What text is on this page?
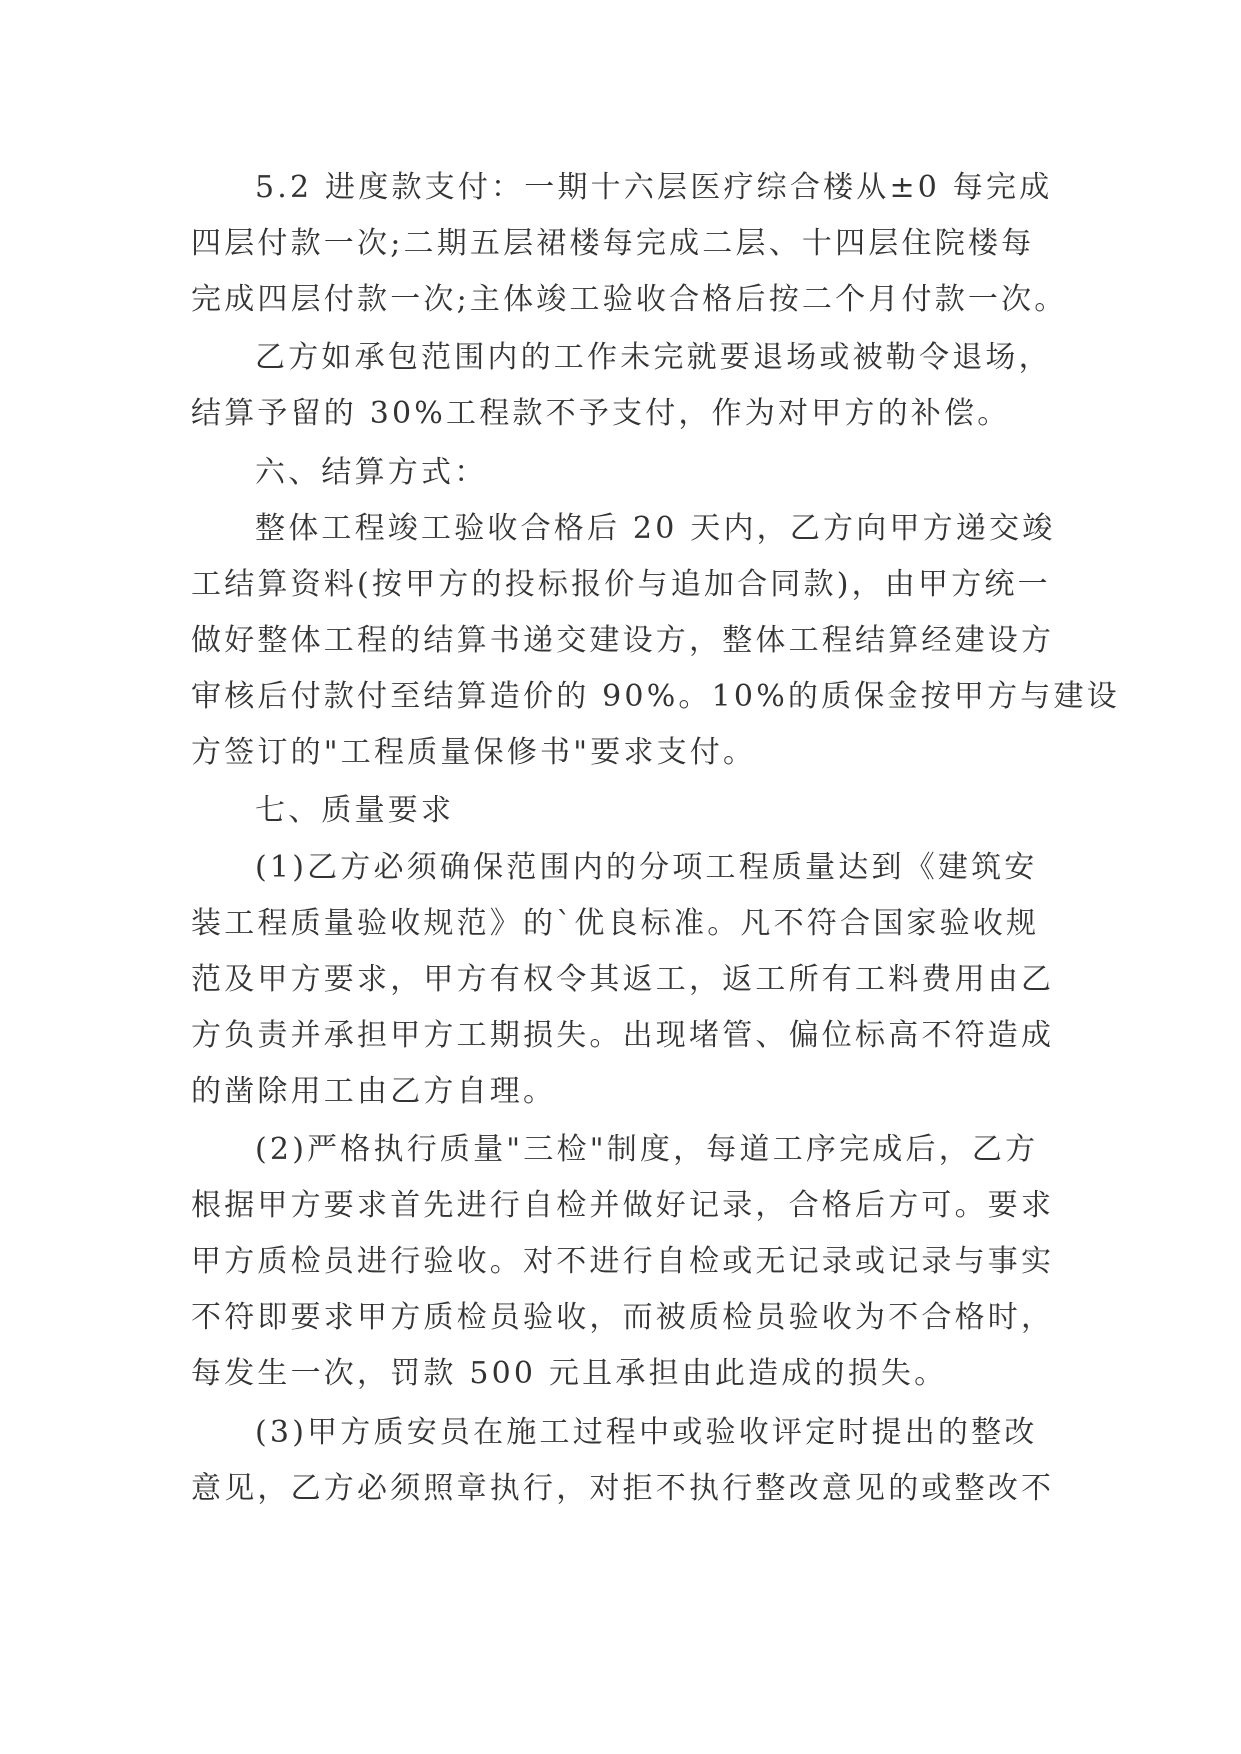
5.2 进度款支付：一期十六层医疗综合楼从±0 每完成
四层付款一次;二期五层裙楼每完成二层、十四层住院楼每
完成四层付款一次;主体竣工验收合格后按二个月付款一次。
乙方如承包范围内的工作未完就要退场或被勒令退场，
结算予留的 30%工程款不予支付，作为对甲方的补偿。
六、结算方式：
整体工程竣工验收合格后 20 天内，乙方向甲方递交竣
工结算资料(按甲方的投标报价与追加合同款)，由甲方统一
做好整体工程的结算书递交建设方，整体工程结算经建设方
审核后付款付至结算造价的 90%。10%的质保金按甲方与建设
方签订的"工程质量保修书"要求支付。
七、质量要求
(1)乙方必须确保范围内的分项工程质量达到《建筑安
装工程质量验收规范》的`优良标准。凡不符合国家验收规
范及甲方要求，甲方有权令其返工，返工所有工料费用由乙
方负责并承担甲方工期损失。出现堵管、偏位标高不符造成
的凿除用工由乙方自理。
(2)严格执行质量"三检"制度，每道工序完成后，乙方
根据甲方要求首先进行自检并做好记录，合格后方可。要求
甲方质检员进行验收。对不进行自检或无记录或记录与事实
不符即要求甲方质检员验收，而被质检员验收为不合格时，
每发生一次，罚款 500 元且承担由此造成的损失。
(3)甲方质安员在施工过程中或验收评定时提出的整改
意见，乙方必须照章执行，对拒不执行整改意见的或整改不
